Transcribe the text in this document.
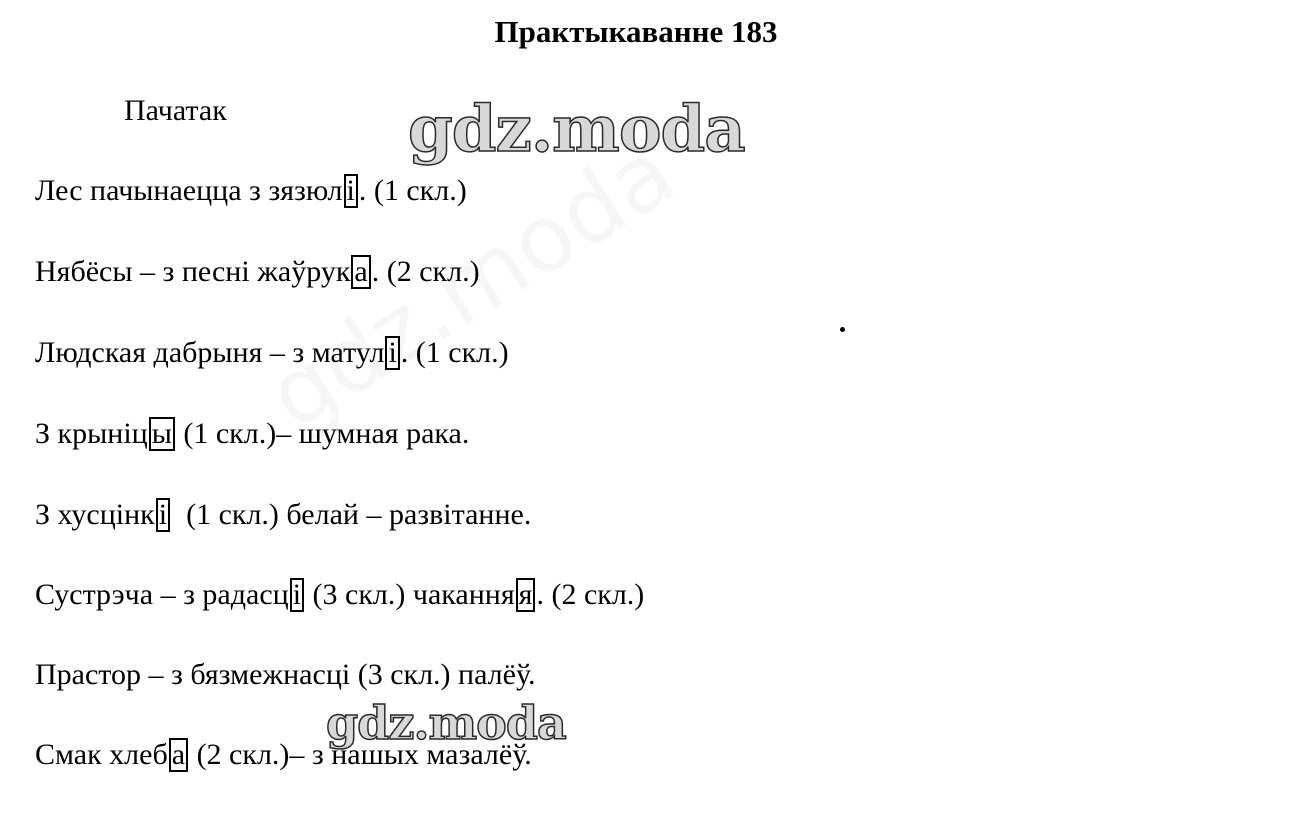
Практыкаванне 183
Пачатак	gdz.moda
Лес пачынаецца з зязюл і . (1 скл.)
Нябёсы – з песні жаўрук а . (2 скл.)
Людская дабрыня – з матул і . (1 скл.)
З крыніц ы (1 скл.)– шумная рака.
З хусцінк і  (1 скл.) белай – развітанне.
Сустрэча – з радасц і (3 скл.) чакання я . (2 скл.)
Прастор – з бязмежнасці (3 скл.) палёў.
Смак хлеб а (2 скл.)– з нашых мазалёў.
gdz.moda
